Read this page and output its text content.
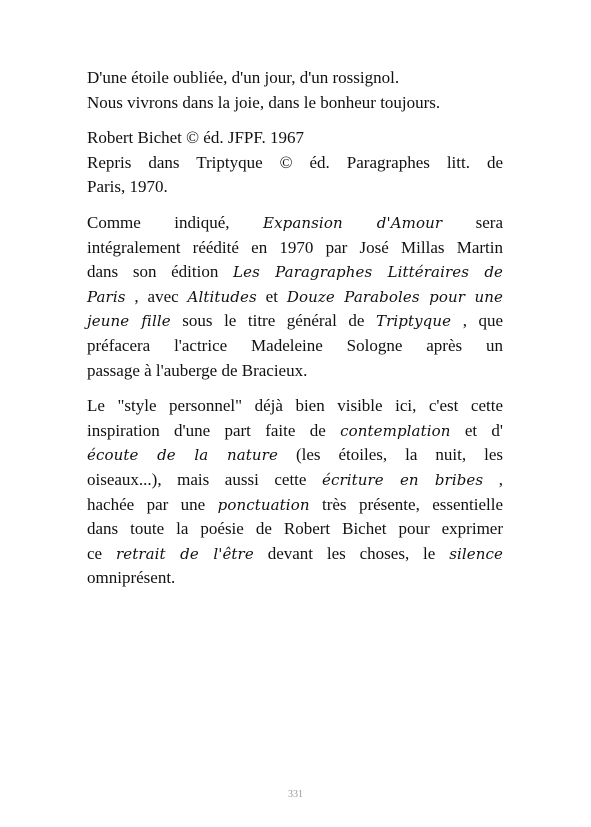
D'une étoile oubliée, d'un jour, d'un rossignol.
Nous vivrons dans la joie, dans le bonheur toujours.

Robert Bichet © éd. JFPF. 1967
Repris dans Triptyque © éd. Paragraphes litt. de
Paris, 1970.

Comme indiqué, Expansion d'Amour sera
intégralement réédité en 1970 par José Millas Martin
dans son édition Les Paragraphes Littéraires de
Paris , avec Altitudes et Douze Paraboles pour une
jeune fille sous le titre général de Triptyque , que
préfacera l'actrice Madeleine Sologne après un
passage à l'auberge de Bracieux.

Le "style personnel" déjà bien visible ici, c'est cette
inspiration d'une part faite de contemplation et d'
écoute de la nature (les étoiles, la nuit, les
oiseaux...), mais aussi cette écriture en bribes ,
hachée par une ponctuation très présente, essentielle
dans toute la poésie de Robert Bichet pour exprimer
ce retrait de l'être devant les choses, le silence
omniprésent.

331
